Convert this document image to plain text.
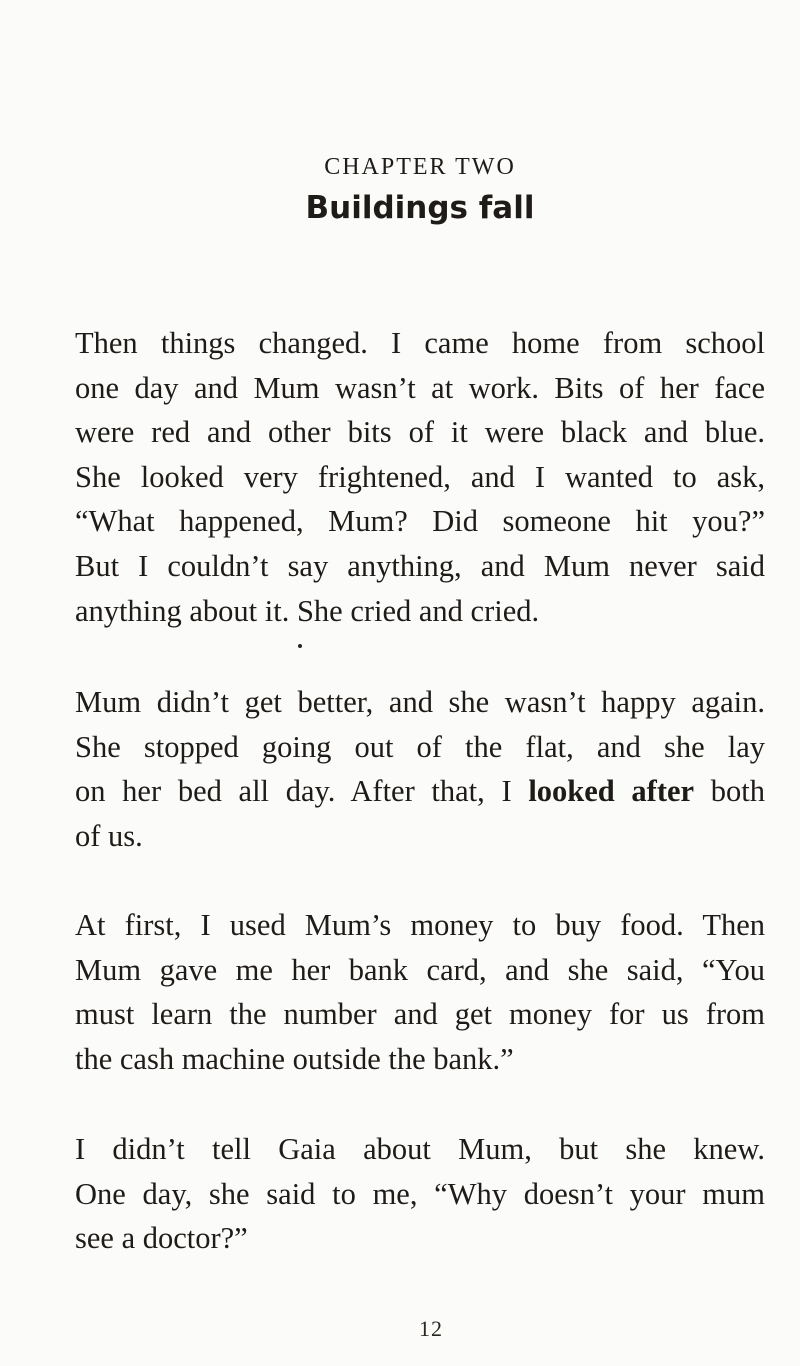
CHAPTER TWO
Buildings fall

Then things changed. I came home from school
one day and Mum wasn’t at work. Bits of her face
were red and other bits of it were black and blue.
She looked very frightened, and I wanted to ask,
“What happened, Mum? Did someone hit you?”
But I couldn’t say anything, and Mum never said
anything about it. She cried and cried.

Mum didn’t get better, and she wasn’t happy again.
She stopped going out of the flat, and she lay
on her bed all day. After that, I looked after both
of us.

At first, I used Mum’s money to buy food. Then
Mum gave me her bank card, and she said, “You
must learn the number and get money for us from
the cash machine outside the bank.”

I didn’t tell Gaia about Mum, but she knew.
One day, she said to me, “Why doesn’t your mum
see a doctor?”

12
